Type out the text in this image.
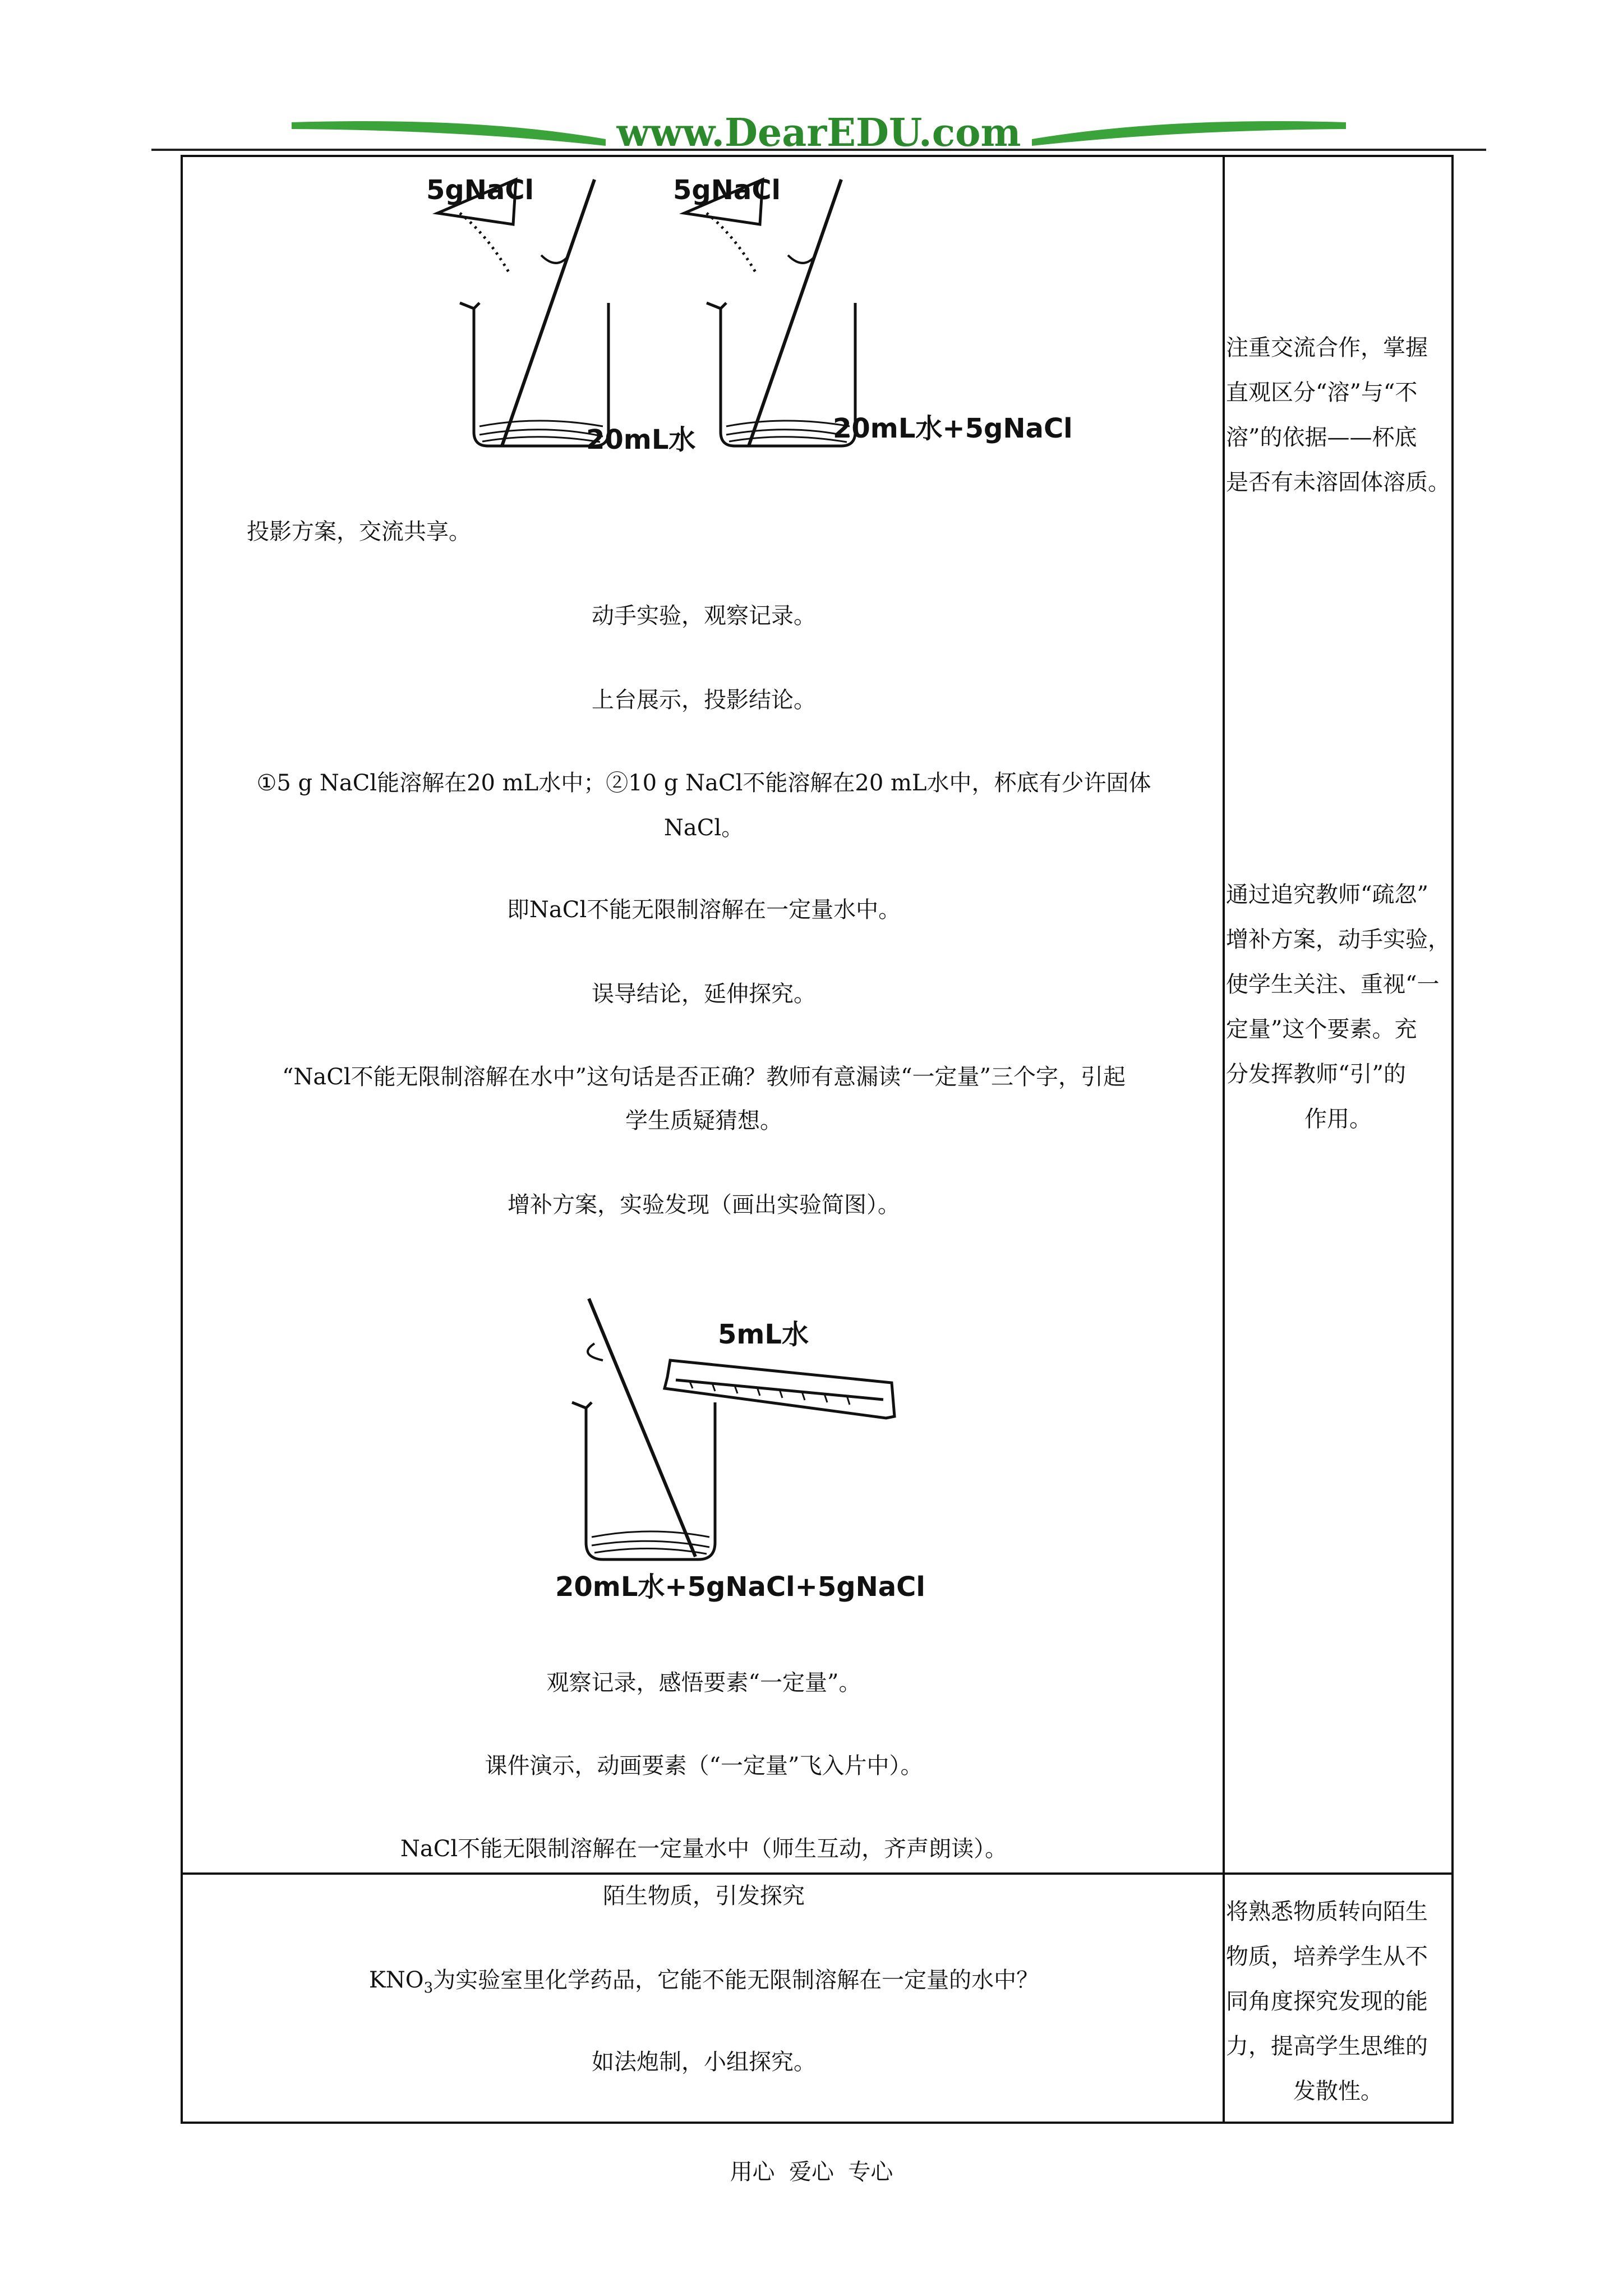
www.DearEDU.com
5gNaCl
20mL水
5gNaCl
20mL水+5gNaCl
投影方案，交流共享。
动手实验，观察记录。
上台展示，投影结论。
①5 g NaCl能溶解在20 mL水中；②10 g NaCl不能溶解在20 mL水中，杯底有少许固体
NaCl。
即NaCl不能无限制溶解在一定量水中。
误导结论，延伸探究。
“NaCl不能无限制溶解在水中”这句话是否正确？教师有意漏读“一定量”三个字，引起
学生质疑猜想。
增补方案，实验发现（画出实验简图）。
5mL水
20mL水+5gNaCl+5gNaCl
观察记录，感悟要素“一定量”。
课件演示，动画要素（“一定量”飞入片中）。
NaCl不能无限制溶解在一定量水中（师生互动，齐声朗读）。

注重交流合作，掌握

直观区分“溶”与“不

溶”的依据——杯底

是否有未溶固体溶质。

通过追究教师“疏忽”

增补方案，动手实验，

使学生关注、重视“一

定量”这个要素。充

分发挥教师“引”的

作用。

将熟悉物质转向陌生

物质，培养学生从不

同角度探究发现的能

力，提高学生思维的

发散性。

陌生物质，引发探究
$KNO_3$为实验室里化学药品，它能不能无限制溶解在一定量的水中？
如法炮制，小组探究。
用心  爱心  专心
